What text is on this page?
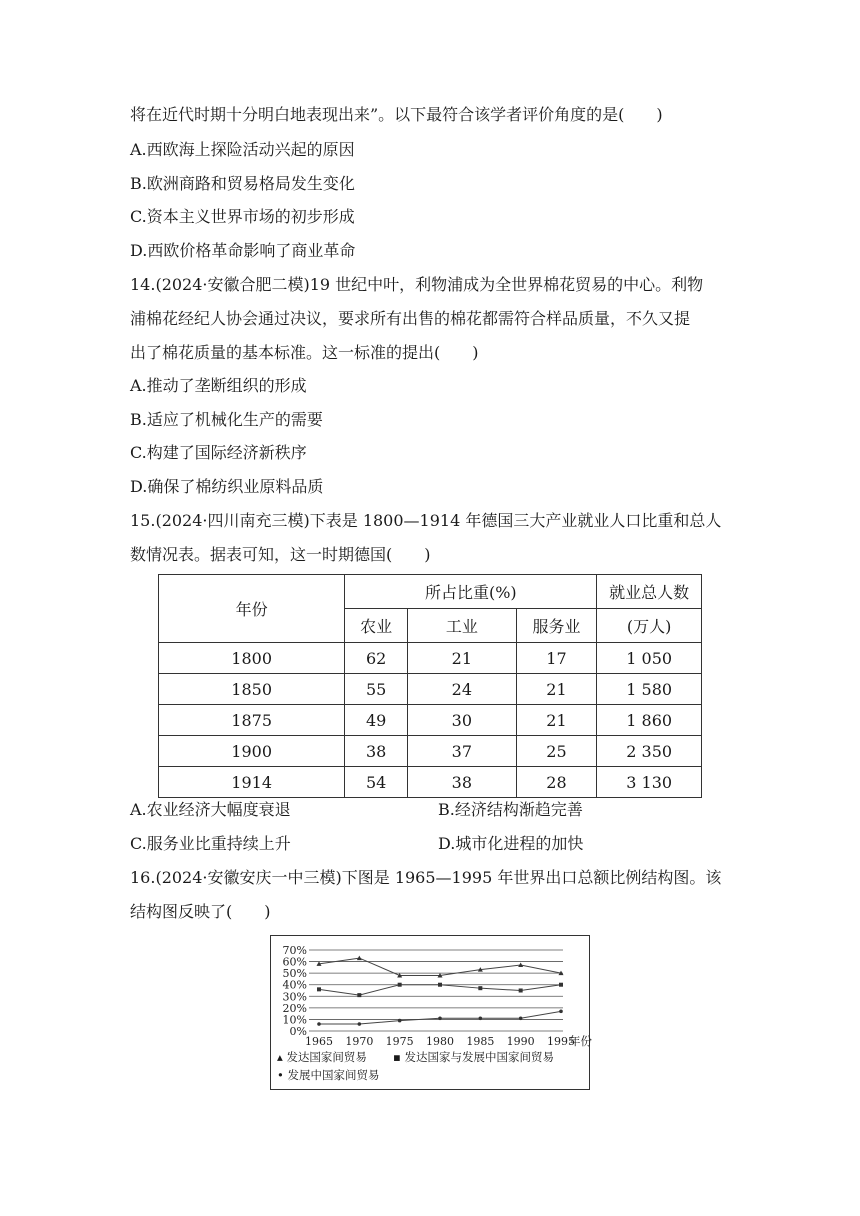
将在近代时期十分明白地表现出来”。以下最符合该学者评价角度的是(　　)
A.西欧海上探险活动兴起的原因
B.欧洲商路和贸易格局发生变化
C.资本主义世界市场的初步形成
D.西欧价格革命影响了商业革命
14.(2024·安徽合肥二模)19 世纪中叶，利物浦成为全世界棉花贸易的中心。利物
浦棉花经纪人协会通过决议，要求所有出售的棉花都需符合样品质量，不久又提
出了棉花质量的基本标准。这一标准的提出(　　)
A.推动了垄断组织的形成
B.适应了机械化生产的需要
C.构建了国际经济新秩序
D.确保了棉纺织业原料品质
15.(2024·四川南充三模)下表是 1800—1914 年德国三大产业就业人口比重和总人
数情况表。据表可知，这一时期德国(　　)
年份	所占比重(%)			就业总人数
	农业	工业	服务业	(万人)
1800	62	21	17	1 050
1850	55	24	21	1 580
1875	49	30	21	1 860
1900	38	37	25	2 350
1914	54	38	28	3 130
A.农业经济大幅度衰退	B.经济结构渐趋完善
C.服务业比重持续上升	D.城市化进程的加快
16.(2024·安徽安庆一中三模)下图是 1965—1995 年世界出口总额比例结构图。该
结构图反映了(　　)
70%
60%
50%
40%
30%
20%
10%
0%
1965 1970 1975 1980 1985 1990 1995
年份
▴ 发达国家间贸易 ▪ 发达国家与发展中国家间贸易
• 发展中国家间贸易
